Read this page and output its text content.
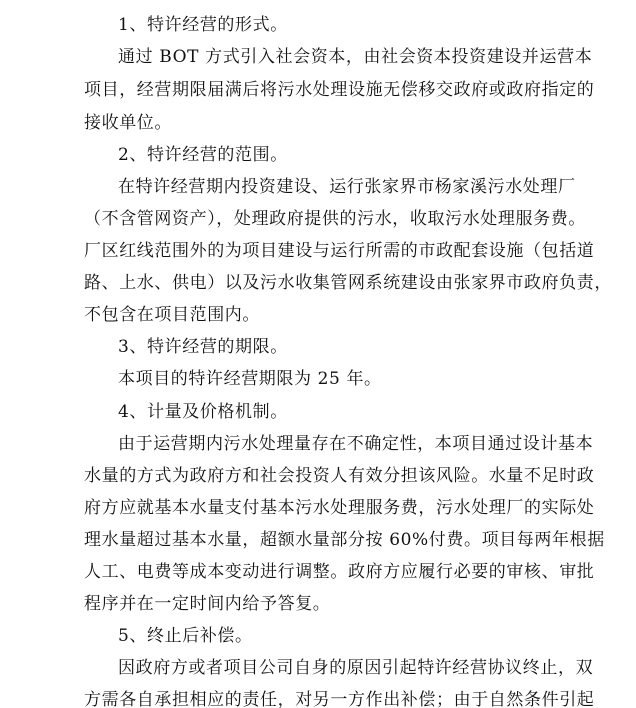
1、特许经营的形式。
通过 BOT 方式引入社会资本，由社会资本投资建设并运营本
项目，经营期限届满后将污水处理设施无偿移交政府或政府指定的
接收单位。
2、特许经营的范围。
在特许经营期内投资建设、运行张家界市杨家溪污水处理厂
（不含管网资产），处理政府提供的污水，收取污水处理服务费。
厂区红线范围外的为项目建设与运行所需的市政配套设施（包括道
路、上水、供电）以及污水收集管网系统建设由张家界市政府负责，
不包含在项目范围内。
3、特许经营的期限。
本项目的特许经营期限为 25 年。
4、计量及价格机制。
由于运营期内污水处理量存在不确定性，本项目通过设计基本
水量的方式为政府方和社会投资人有效分担该风险。水量不足时政
府方应就基本水量支付基本污水处理服务费，污水处理厂的实际处
理水量超过基本水量，超额水量部分按 60%付费。项目每两年根据
人工、电费等成本变动进行调整。政府方应履行必要的审核、审批
程序并在一定时间内给予答复。
5、终止后补偿。
因政府方或者项目公司自身的原因引起特许经营协议终止，双
方需各自承担相应的责任，对另一方作出补偿；由于自然条件引起
